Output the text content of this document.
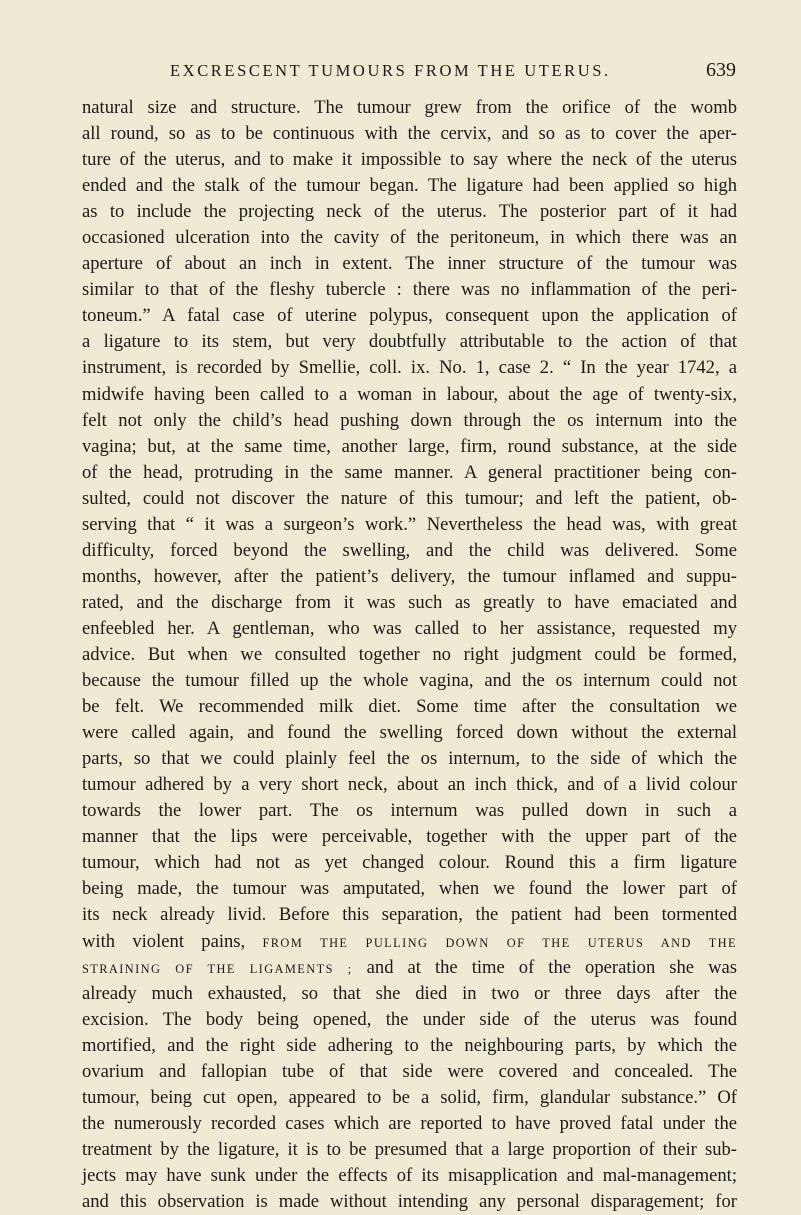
EXCRESCENT TUMOURS FROM THE UTERUS.	639
natural size and structure. The tumour grew from the orifice of the womb
all round, so as to be continuous with the cervix, and so as to cover the aper-
ture of the uterus, and to make it impossible to say where the neck of the uterus
ended and the stalk of the tumour began. The ligature had been applied so high
as to include the projecting neck of the uterus. The posterior part of it had
occasioned ulceration into the cavity of the peritoneum, in which there was an
aperture of about an inch in extent. The inner structure of the tumour was
similar to that of the fleshy tubercle : there was no inflammation of the peri-
toneum.” A fatal case of uterine polypus, consequent upon the application of
a ligature to its stem, but very doubtfully attributable to the action of that
instrument, is recorded by Smellie, coll. ix. No. 1, case 2. “ In the year 1742, a
midwife having been called to a woman in labour, about the age of twenty-six,
felt not only the child’s head pushing down through the os internum into the
vagina; but, at the same time, another large, firm, round substance, at the side
of the head, protruding in the same manner. A general practitioner being con-
sulted, could not discover the nature of this tumour; and left the patient, ob-
serving that “ it was a surgeon’s work.” Nevertheless the head was, with great
difficulty, forced beyond the swelling, and the child was delivered. Some
months, however, after the patient’s delivery, the tumour inflamed and suppu-
rated, and the discharge from it was such as greatly to have emaciated and
enfeebled her. A gentleman, who was called to her assistance, requested my
advice. But when we consulted together no right judgment could be formed,
because the tumour filled up the whole vagina, and the os internum could not
be felt. We recommended milk diet. Some time after the consultation we
were called again, and found the swelling forced down without the external
parts, so that we could plainly feel the os internum, to the side of which the
tumour adhered by a very short neck, about an inch thick, and of a livid colour
towards the lower part. The os internum was pulled down in such a
manner that the lips were perceivable, together with the upper part of the
tumour, which had not as yet changed colour. Round this a firm ligature
being made, the tumour was amputated, when we found the lower part of
its neck already livid. Before this separation, the patient had been tormented
with violent pains, FROM THE PULLING DOWN OF THE UTERUS AND THE
STRAINING OF THE LIGAMENTS ; and at the time of the operation she was
already much exhausted, so that she died in two or three days after the
excision. The body being opened, the under side of the uterus was found
mortified, and the right side adhering to the neighbouring parts, by which the
ovarium and fallopian tube of that side were covered and concealed. The
tumour, being cut open, appeared to be a solid, firm, glandular substance.” Of
the numerously recorded cases which are reported to have proved fatal under the
treatment by the ligature, it is to be presumed that a large proportion of their sub-
jects may have sunk under the effects of its misapplication and mal-management;
and this observation is made without intending any personal disparagement; for
